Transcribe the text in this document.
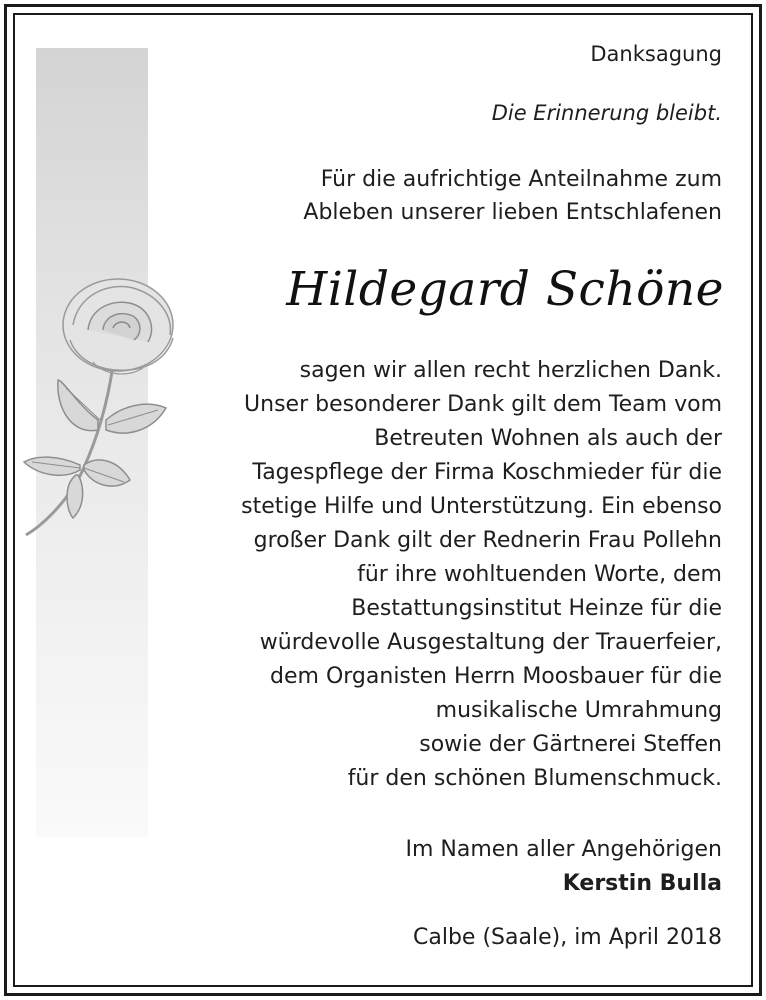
Danksagung
Die Erinnerung bleibt.
Für die aufrichtige Anteilnahme zum
Ableben unserer lieben Entschlafenen
Hildegard Schöne
sagen wir allen recht herzlichen Dank.
Unser besonderer Dank gilt dem Team vom
Betreuten Wohnen als auch der
Tagespflege der Firma Koschmieder für die
stetige Hilfe und Unterstützung. Ein ebenso
großer Dank gilt der Rednerin Frau Pollehn
für ihre wohltuenden Worte, dem
Bestattungsinstitut Heinze für die
würdevolle Ausgestaltung der Trauerfeier,
dem Organisten Herrn Moosbauer für die
musikalische Umrahmung
sowie der Gärtnerei Steffen
für den schönen Blumenschmuck.
Im Namen aller Angehörigen
Kerstin Bulla
Calbe (Saale), im April 2018
